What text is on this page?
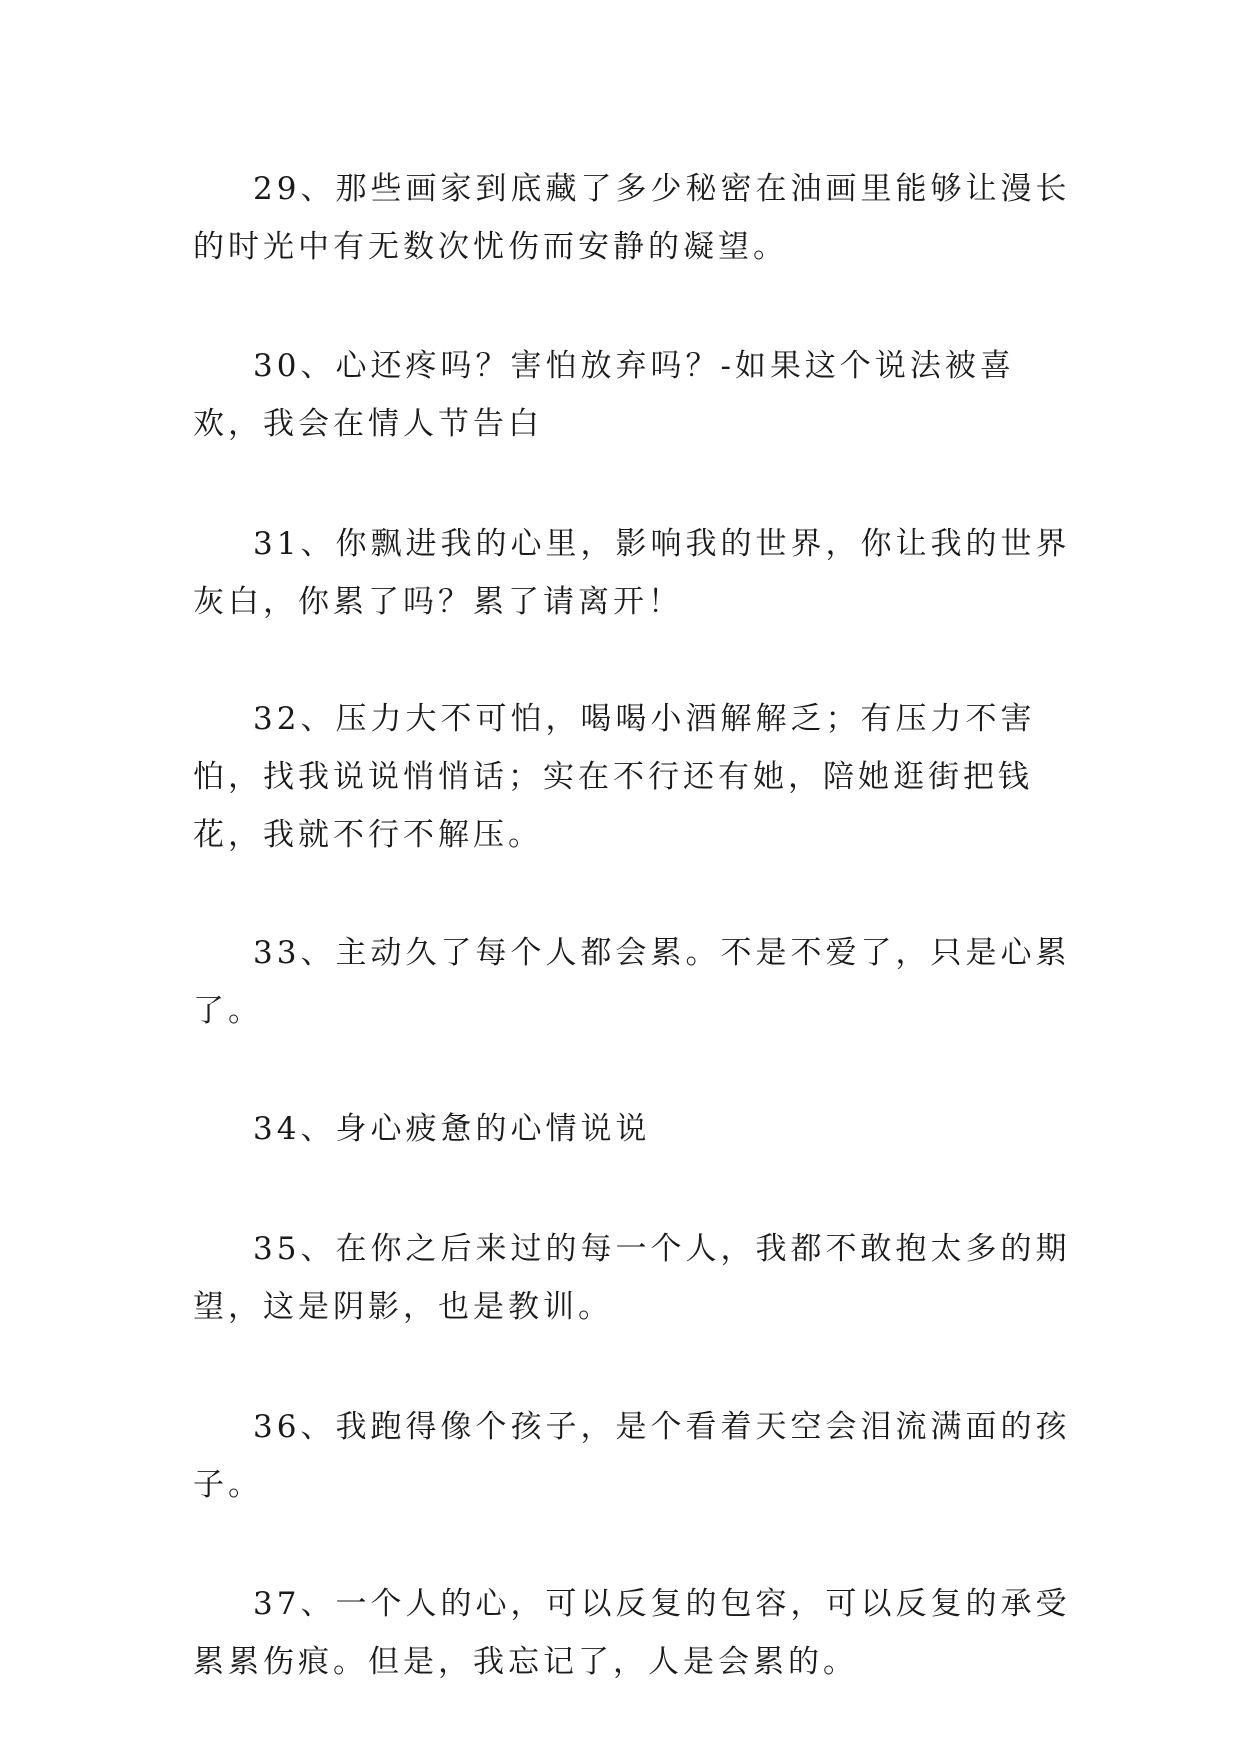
29、那些画家到底藏了多少秘密在油画里能够让漫长的时光中有无数次忧伤而安静的凝望。

30、心还疼吗？害怕放弃吗？-如果这个说法被喜欢，我会在情人节告白

31、你飘进我的心里，影响我的世界，你让我的世界灰白，你累了吗？累了请离开！

32、压力大不可怕，喝喝小酒解解乏；有压力不害怕，找我说说悄悄话；实在不行还有她，陪她逛街把钱花，我就不行不解压。

33、主动久了每个人都会累。不是不爱了，只是心累了。

34、身心疲惫的心情说说

35、在你之后来过的每一个人，我都不敢抱太多的期望，这是阴影，也是教训。

36、我跑得像个孩子，是个看着天空会泪流满面的孩子。

37、一个人的心，可以反复的包容，可以反复的承受累累伤痕。但是，我忘记了，人是会累的。
